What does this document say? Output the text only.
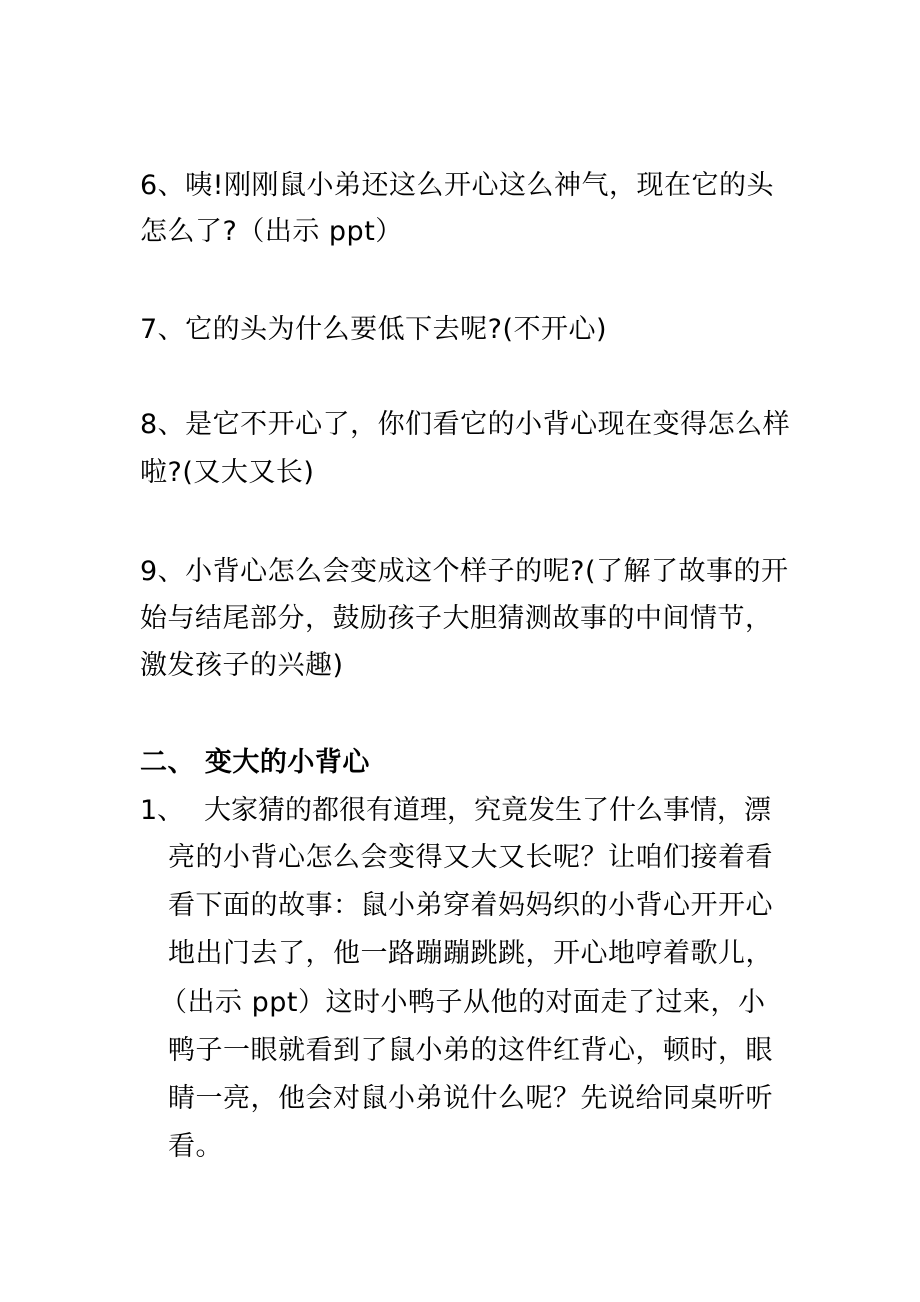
6、咦!刚刚鼠小弟还这么开心这么神气，现在它的头
怎么了?（出示 ppt）
7、它的头为什么要低下去呢?(不开心)
8、是它不开心了，你们看它的小背心现在变得怎么样
啦?(又大又长)
9、小背心怎么会变成这个样子的呢?(了解了故事的开
始与结尾部分，鼓励孩子大胆猜测故事的中间情节，
激发孩子的兴趣)
二、 变大的小背心
1、 大家猜的都很有道理，究竟发生了什么事情，漂
亮的小背心怎么会变得又大又长呢？让咱们接着看
看下面的故事：鼠小弟穿着妈妈织的小背心开开心
地出门去了，他一路蹦蹦跳跳，开心地哼着歌儿，
（出示 ppt）这时小鸭子从他的对面走了过来，小
鸭子一眼就看到了鼠小弟的这件红背心，顿时，眼
睛一亮，他会对鼠小弟说什么呢？先说给同桌听听
看。
